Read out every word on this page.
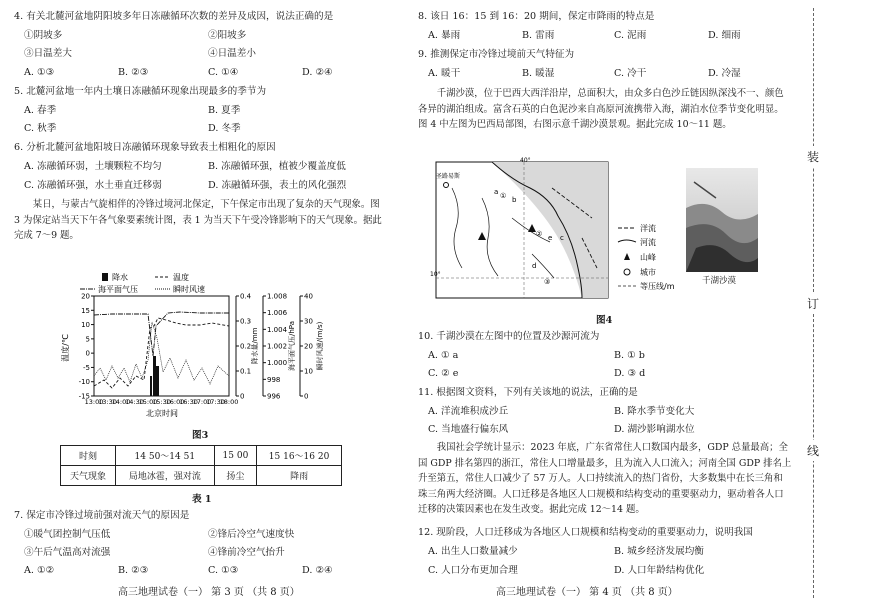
4. 有关北麓河盆地阴阳坡多年日冻融循环次数的差异及成因，说法正确的是
①阴坡多	②阳坡多
③日温差大	④日温差小
A. ①③	B. ②③	C. ①④	D. ②④
5. 北麓河盆地一年内土壤日冻融循环现象出现最多的季节为
A. 春季	B. 夏季
C. 秋季	D. 冬季
6. 分析北麓河盆地阳坡日冻融循环现象导致表土相粗化的原因
A. 冻融循环弱，土壤颗粒不均匀	B. 冻融循环强，植被少覆盖度低
C. 冻融循环强，水土垂直迁移弱	D. 冻融循环强，表土的风化强烈
某日，与蒙古气旋相伴的冷锋过境河北保定，下午保定市出现了复杂的天气现象。图 3 为保定站当天下午各气象要素统计图，表 1 为当天下午受冷锋影响下的天气现象。据此完成 7～9 题。
降水	温度
海平面气压	瞬时风速
20
15
10
5
0
-5
-10
-15
温度/℃
0.4
0.3
0.2
0.1
0
降水量/mm
1.008
1.006
1.004
1.002
1.000
998
996
海平面气压/hPa
40
30
20
10
0
瞬时风速/(m/s)
13:00
13:30
14:00
14:30
15:00
15:30
16:00
16:30
17:00
17:30
18:00
北京时间
图3
时刻	14 50～14 51	15 00	15 16～16 20
天气现象	局地冰雹，强对流	扬尘	降雨
表 1
7. 保定市冷锋过境前强对流天气的原因是
①暖气团控制气压低	②锋后冷空气速度快
③午后气温高对流强	④锋前冷空气抬升
A. ①②	B. ②③	C. ①③	D. ②④
高三地理试卷（一） 第 3 页 （共 8 页）
8. 该日 16：15 到 16：20 期间，保定市降雨的特点是
A. 暴雨	B. 雷雨	C. 泥雨	D. 细雨
9. 推测保定市冷锋过境前天气特征为
A. 暖干	B. 暖湿	C. 冷干	D. 冷湿
千湖沙漠，位于巴西大西洋沿岸，总面积大，由众多白色沙丘链因纵深浅不一、颜色各异的湖泊组成。富含石英的白色泥沙来自高原河流携带入海，湖泊水位季节变化明显。图 4 中左图为巴西局部图，右图示意千湖沙漠景观。据此完成 10～11 题。
40°
10°
圣路易斯
a
b
c
d
e
①
②
③
洋流
河流
山峰
城市
等压线/m
千湖沙漠
图4
10. 千湖沙漠在左图中的位置及沙源河流为
A. ① a	B. ① b
C. ② e	D. ③ d
11. 根据图文资料，下列有关该地的说法，正确的是
A. 洋流堆积成沙丘	B. 降水季节变化大
C. 当地盛行偏东风	D. 湖沙影响湖水位
我国社会学统计显示：2023 年底，广东省常住人口数国内最多，GDP 总量最高；全国 GDP 排名第四的浙江，常住人口增量最多，且为流入人口流入；河南全国 GDP 排名上升至第五，常住人口减少了 57 万人。人口持续流入的热门省份，大多数集中在长三角和珠三角两大经济圈。人口迁移是各地区人口规模和结构变动的重要驱动力，驱动着各人口迁移的决策因素也在发生改变。据此完成 12～14 题。
12. 现阶段，人口迁移成为各地区人口规模和结构变动的重要驱动力，说明我国
A. 出生人口数量减少	B. 城乡经济发展均衡
C. 人口分布更加合理	D. 人口年龄结构优化
高三地理试卷（一） 第 4 页 （共 8 页）
装
订
线
